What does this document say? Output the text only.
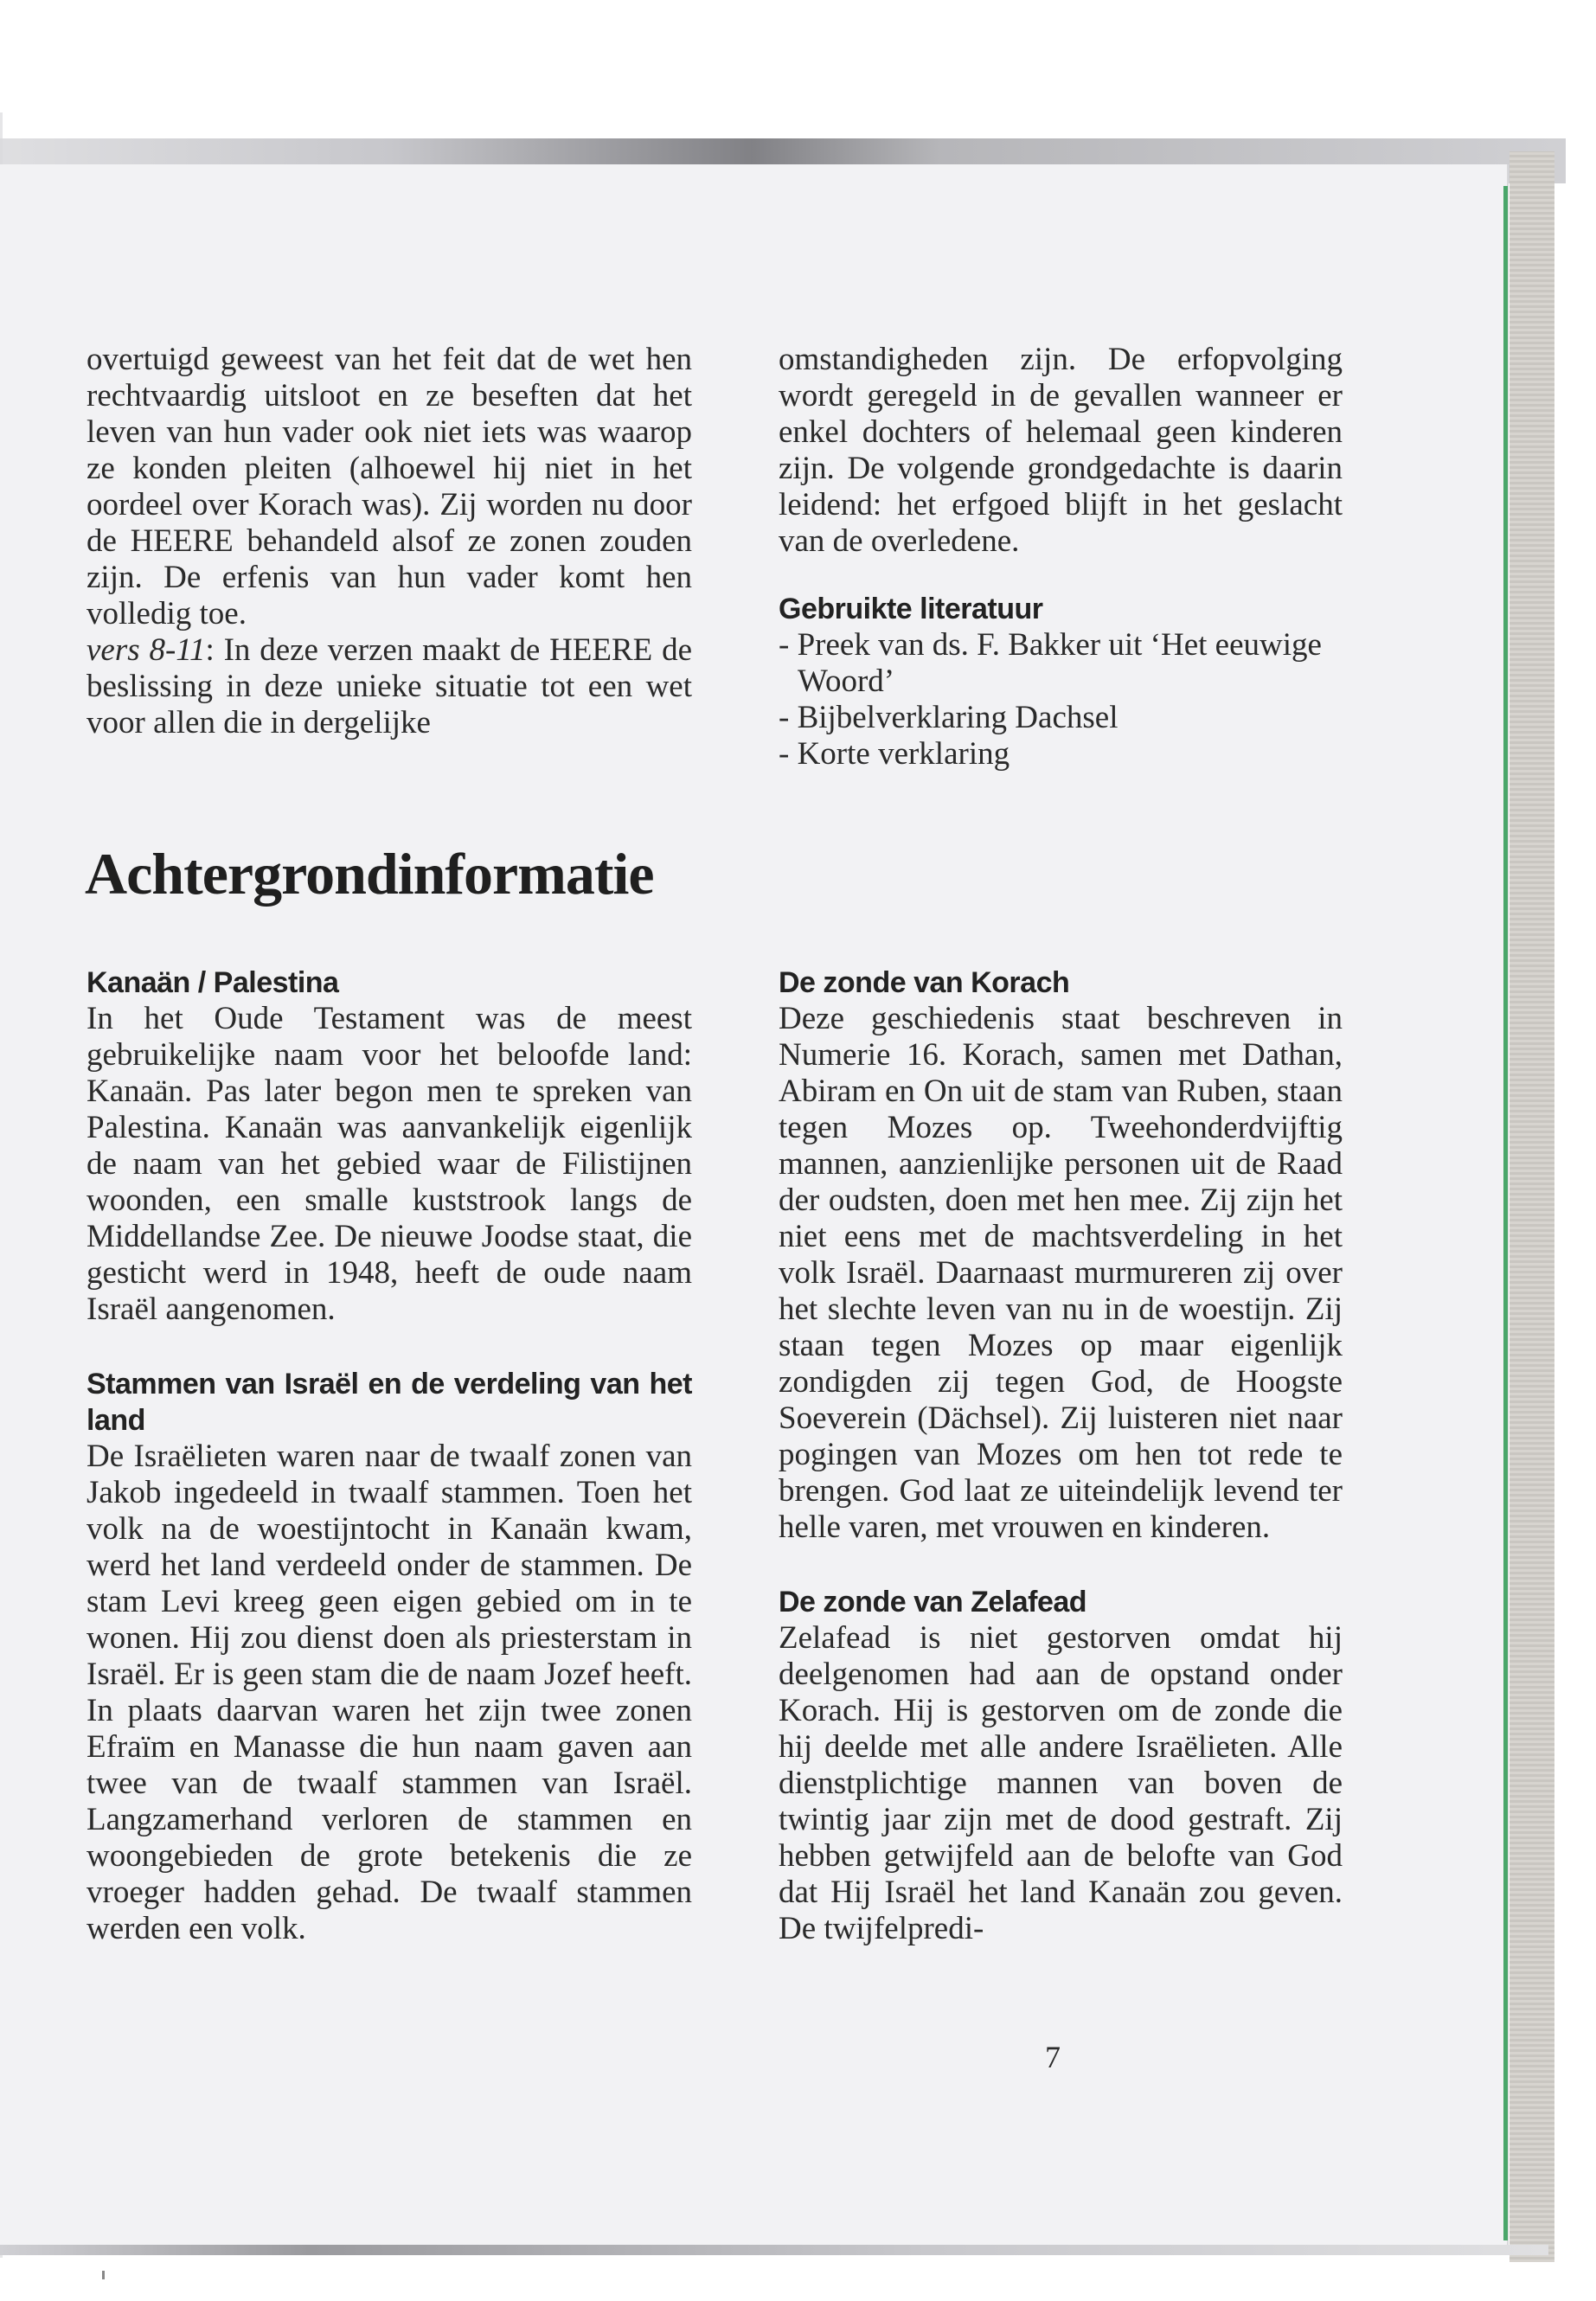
overtuigd geweest van het feit dat de wet hen rechtvaardig uitsloot en ze beseften dat het leven van hun vader ook niet iets was waarop ze konden pleiten (alhoewel hij niet in het oordeel over Korach was). Zij worden nu door de HEERE behandeld alsof ze zonen zouden zijn. De erfenis van hun vader komt hen volledig toe.

vers 8-11: In deze verzen maakt de HEERE de beslissing in deze unieke situatie tot een wet voor allen die in dergelijke

omstandigheden zijn. De erfopvolging wordt geregeld in de gevallen wanneer er enkel dochters of helemaal geen kinderen zijn. De volgende grondgedachte is daarin leidend: het erfgoed blijft in het geslacht van de overledene.

Gebruikte literatuur

- Preek van ds. F. Bakker uit ‘Het eeuwige Woord’
- Bijbelverklaring Dachsel
- Korte verklaring
Achtergrondinformatie

Kanaän / Palestina

In het Oude Testament was de meest gebruikelijke naam voor het beloofde land: Kanaän. Pas later begon men te spreken van Palestina. Kanaän was aanvankelijk eigenlijk de naam van het gebied waar de Filistijnen woonden, een smalle kuststrook langs de Middellandse Zee. De nieuwe Joodse staat, die gesticht werd in 1948, heeft de oude naam Israël aangenomen.

Stammen van Israël en de verdeling van het land

De Israëlieten waren naar de twaalf zonen van Jakob ingedeeld in twaalf stammen. Toen het volk na de woestijntocht in Kanaän kwam, werd het land verdeeld onder de stammen. De stam Levi kreeg geen eigen gebied om in te wonen. Hij zou dienst doen als priesterstam in Israël. Er is geen stam die de naam Jozef heeft. In plaats daarvan waren het zijn twee zonen Efraïm en Manasse die hun naam gaven aan twee van de twaalf stammen van Israël. Langzamerhand verloren de stammen en woongebieden de grote betekenis die ze vroeger hadden gehad. De twaalf stammen werden een volk.

De zonde van Korach

Deze geschiedenis staat beschreven in Numerie 16. Korach, samen met Dathan, Abiram en On uit de stam van Ruben, staan tegen Mozes op. Tweehonderdvijftig mannen, aanzienlijke personen uit de Raad der oudsten, doen met hen mee. Zij zijn het niet eens met de machtsverdeling in het volk Israël. Daarnaast murmureren zij over het slechte leven van nu in de woestijn. Zij staan tegen Mozes op maar eigenlijk zondigden zij tegen God, de Hoogste Soeverein (Dächsel). Zij luisteren niet naar pogingen van Mozes om hen tot rede te brengen. God laat ze uiteindelijk levend ter helle varen, met vrouwen en kinderen.

De zonde van Zelafead

Zelafead is niet gestorven omdat hij deelgenomen had aan de opstand onder Korach. Hij is gestorven om de zonde die hij deelde met alle andere Israëlieten. Alle dienstplichtige mannen van boven de twintig jaar zijn met de dood gestraft. Zij hebben getwijfeld aan de belofte van God dat Hij Israël het land Kanaän zou geven. De twijfelpredi-

7
